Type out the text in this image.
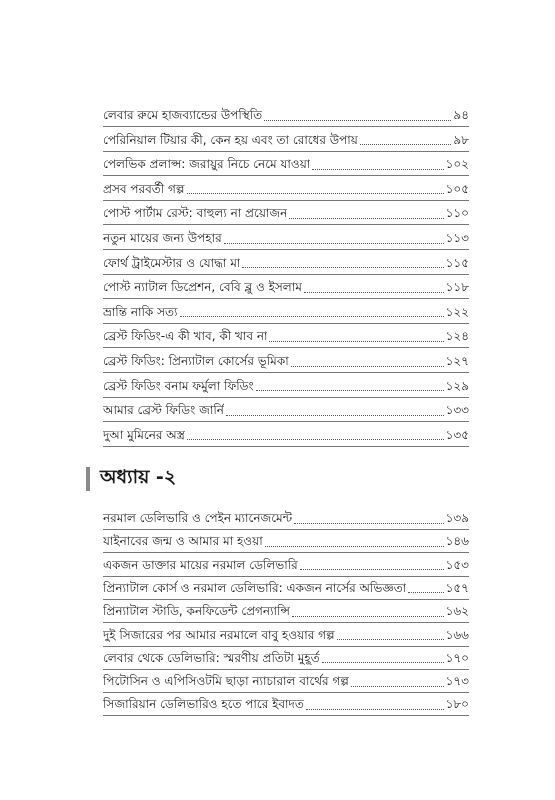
লেবার রুমে হাজব্যান্ডের উপস্থিতি	৯৪
পেরিনিয়াল টিয়ার কী, কেন হয় এবং তা রোধের উপায়	৯৮
পেলভিক প্রলাপ্স: জরায়ুর নিচে নেমে যাওয়া	১০২
প্রসব পরবর্তী গল্প	১০৫
পোস্ট পার্টাম রেস্ট: বাহুল্য না প্রয়োজন	১১০
নতুন মায়ের জন্য উপহার	১১৩
ফোর্থ ট্রাইমেস্টার ও যোদ্ধা মা	১১৫
পোস্ট ন্যাটাল ডিপ্রেশন, বেবি ব্লু ও ইসলাম	১১৮
ভ্রান্তি নাকি সত্য	১২২
ব্রেস্ট ফিডিং-এ কী খাব, কী খাব না	১২৪
ব্রেস্ট ফিডিং: প্রিন্যাটাল কোর্সের ভূমিকা	১২৭
ব্রেস্ট ফিডিং বনাম ফর্মুলা ফিডিং	১২৯
আমার ব্রেস্ট ফিডিং জার্নি	১৩৩
দুআ মুমিনের অস্ত্র	১৩৫
নরমাল ডেলিভারি ও পেইন ম্যানেজমেন্ট	১৩৯
যাইনাবের জন্ম ও আমার মা হওয়া	১৪৬
একজন ডাক্তার মায়ের নরমাল ডেলিভারি	১৫৩
প্রিন্যাটাল কোর্স ও নরমাল ডেলিভারি: একজন নার্সের অভিজ্ঞতা	১৫৭
প্রিন্যাটাল স্টাডি, কনফিডেন্ট প্রেগন্যান্সি	১৬২
দুই সিজারের পর আমার নরমালে বাবু হওয়ার গল্প	১৬৬
লেবার থেকে ডেলিভারি: স্মরণীয় প্রতিটা মুহূর্ত	১৭০
পিটোসিন ও এপিসিওটমি ছাড়া ন্যাচারাল বার্থের গল্প	১৭৩
সিজারিয়ান ডেলিভারিও হতে পারে ইবাদত	১৮০
অধ্যায় -২
